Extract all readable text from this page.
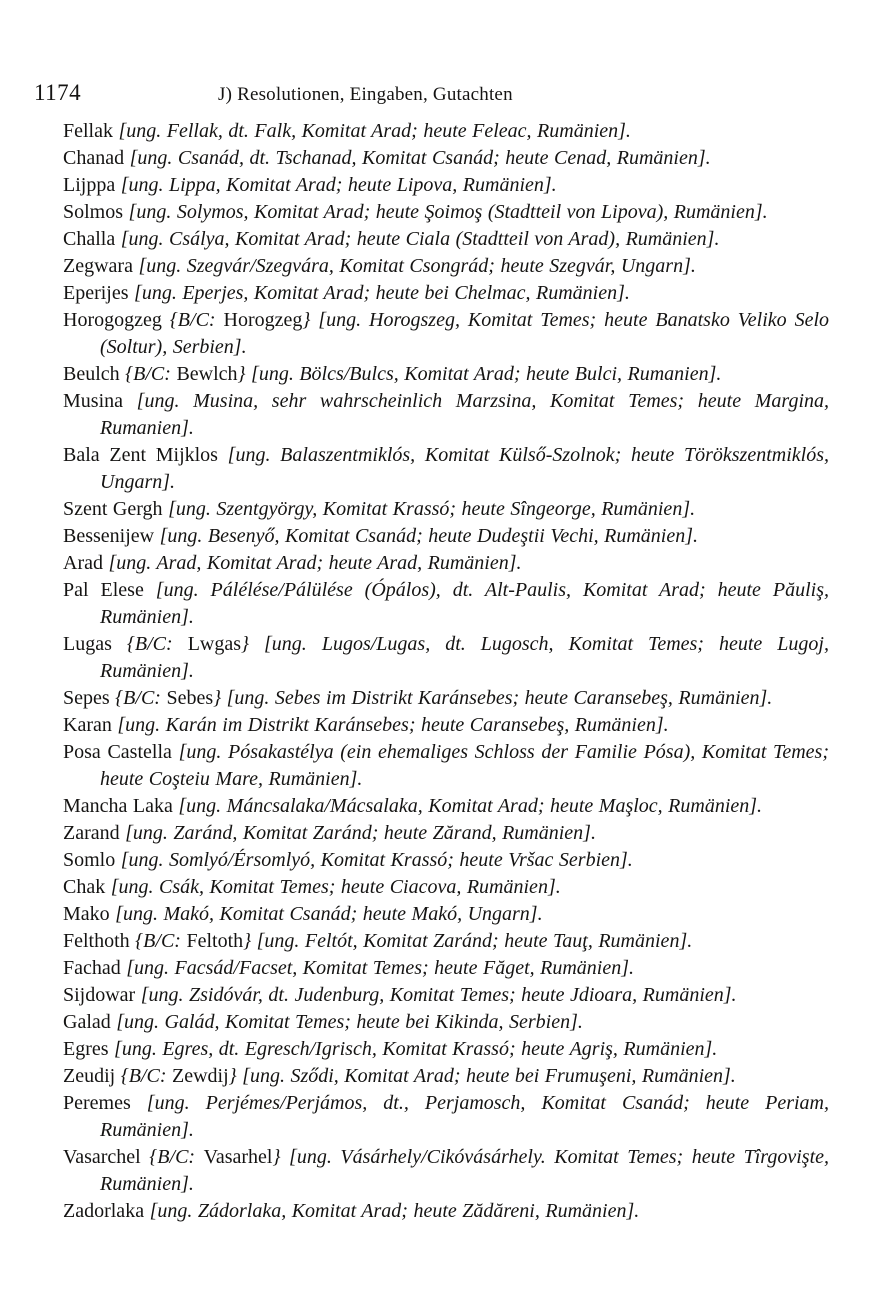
1174	J) Resolutionen, Eingaben, Gutachten

Fellak [ung. Fellak, dt. Falk, Komitat Arad; heute Feleac, Rumänien].

Chanad [ung. Csanád, dt. Tschanad, Komitat Csanád; heute Cenad, Rumänien].

Lijppa [ung. Lippa, Komitat Arad; heute Lipova, Rumänien].

Solmos [ung. Solymos, Komitat Arad; heute Şoimoş (Stadtteil von Lipova), Rumänien].

Challa [ung. Csálya, Komitat Arad; heute Ciala (Stadtteil von Arad), Rumänien].

Zegwara [ung. Szegvár/Szegvára, Komitat Csongrád; heute Szegvár, Ungarn].

Eperijes [ung. Eperjes, Komitat Arad; heute bei Chelmac, Rumänien].

Horogogzeg {B/C: Horogzeg} [ung. Horogszeg, Komitat Temes; heute Banatsko Veliko Selo (Soltur), Serbien].

Beulch {B/C: Bewlch} [ung. Bölcs/Bulcs, Komitat Arad; heute Bulci, Rumanien].

Musina [ung. Musina, sehr wahrscheinlich Marzsina, Komitat Temes; heute Margina, Rumanien].

Bala Zent Mijklos [ung. Balaszentmiklós, Komitat Külső-Szolnok; heute Törökszentmiklós, Ungarn].

Szent Gergh [ung. Szentgyörgy, Komitat Krassó; heute Sîngeorge, Rumänien].

Bessenijew [ung. Besenyő, Komitat Csanád; heute Dudeştii Vechi, Rumänien].

Arad [ung. Arad, Komitat Arad; heute Arad, Rumänien].

Pal Elese [ung. Pálélése/Pálülése (Ópálos), dt. Alt-Paulis, Komitat Arad; heute Păuliş, Rumänien].

Lugas {B/C: Lwgas} [ung. Lugos/Lugas, dt. Lugosch, Komitat Temes; heute Lugoj, Rumänien].

Sepes {B/C: Sebes} [ung. Sebes im Distrikt Karánsebes; heute Caransebeş, Rumänien].

Karan [ung. Karán im Distrikt Karánsebes; heute Caransebeş, Rumänien].

Posa Castella [ung. Pósakastélya (ein ehemaliges Schloss der Familie Pósa), Komitat Temes; heute Coşteiu Mare, Rumänien].

Mancha Laka [ung. Máncsalaka/Mácsalaka, Komitat Arad; heute Maşloc, Rumänien].

Zarand [ung. Zaránd, Komitat Zaránd; heute Zărand, Rumänien].

Somlo [ung. Somlyó/Érsomlyó, Komitat Krassó; heute Vršac Serbien].

Chak [ung. Csák, Komitat Temes; heute Ciacova, Rumänien].

Mako [ung. Makó, Komitat Csanád; heute Makó, Ungarn].

Felthoth {B/C: Feltoth} [ung. Feltót, Komitat Zaránd; heute Tauţ, Rumänien].

Fachad [ung. Facsád/Facset, Komitat Temes; heute Făget, Rumänien].

Sijdowar [ung. Zsidóvár, dt. Judenburg, Komitat Temes; heute Jdioara, Rumänien].

Galad [ung. Galád, Komitat Temes; heute bei Kikinda, Serbien].

Egres [ung. Egres, dt. Egresch/Igrisch, Komitat Krassó; heute Agriş, Rumänien].

Zeudij {B/C: Zewdij} [ung. Sződi, Komitat Arad; heute bei Frumuşeni, Rumänien].

Peremes [ung. Perjémes/Perjámos, dt., Perjamosch, Komitat Csanád; heute Periam, Rumänien].

Vasarchel {B/C: Vasarhel} [ung. Vásárhely/Cikóvásárhely. Komitat Temes; heute Tîrgovişte, Rumänien].

Zadorlaka [ung. Zádorlaka, Komitat Arad; heute Zădăreni, Rumänien].
